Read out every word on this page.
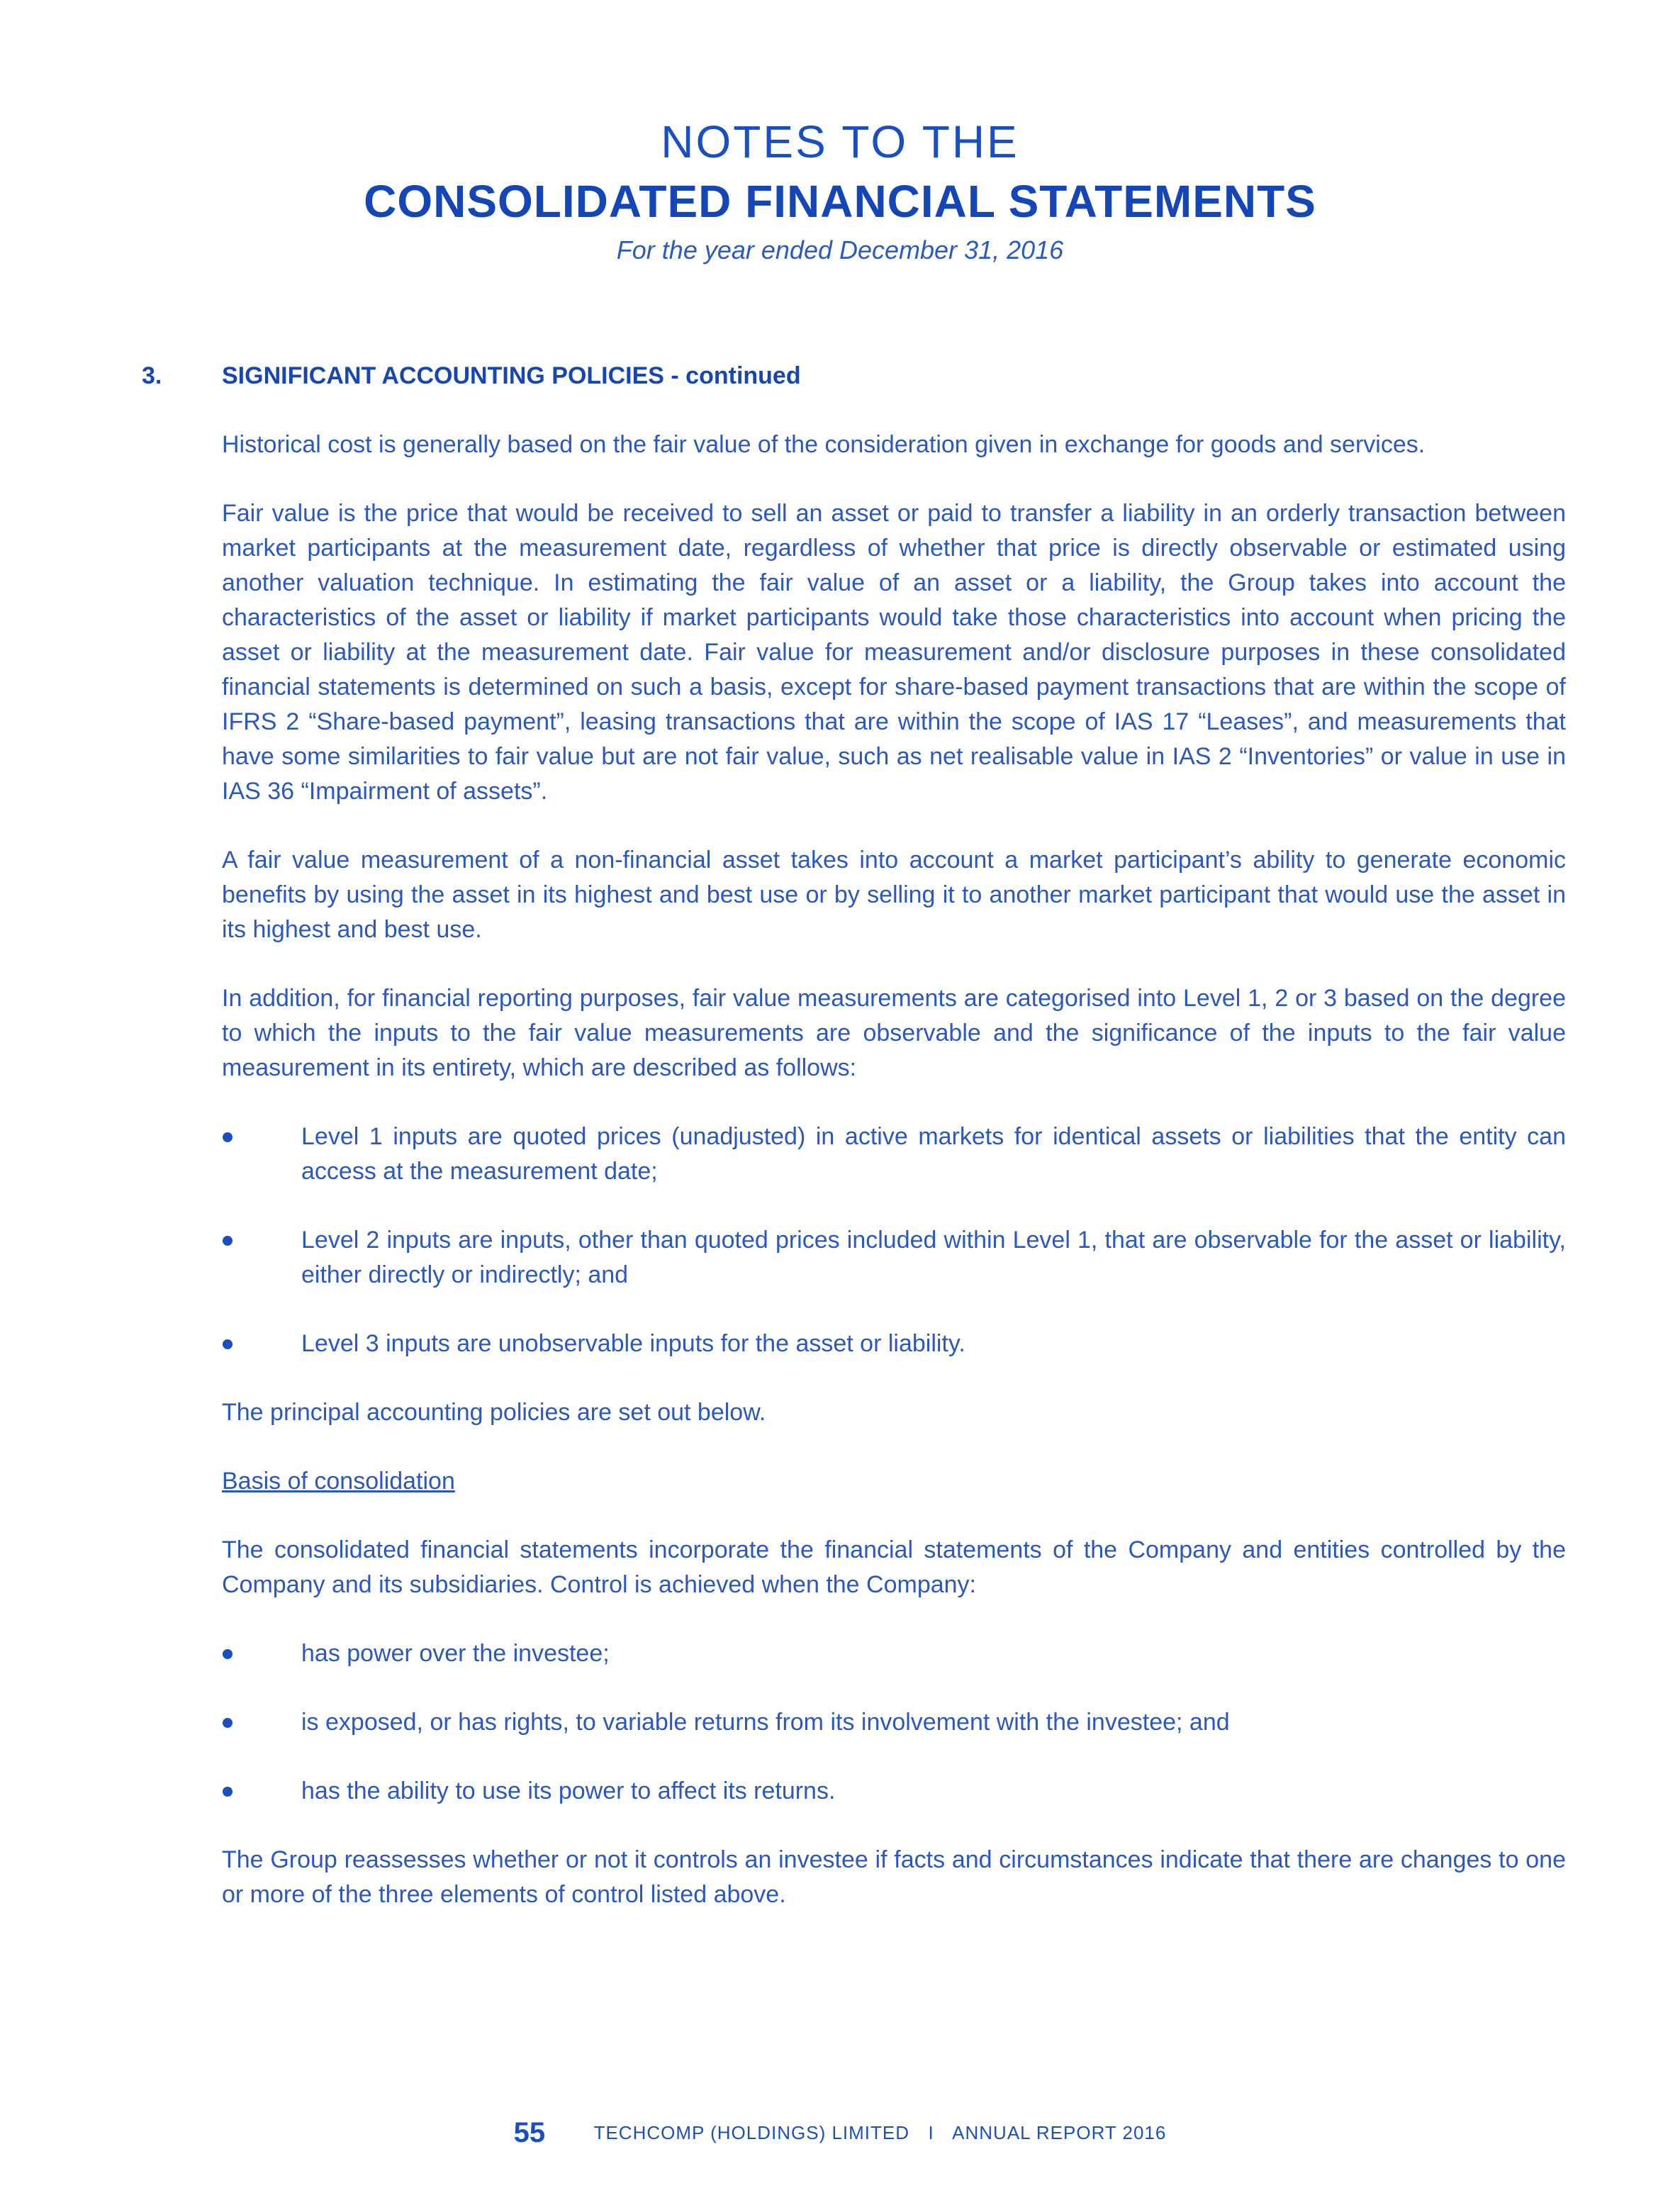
NOTES TO THE
CONSOLIDATED FINANCIAL STATEMENTS
For the year ended December 31, 2016
3.	SIGNIFICANT ACCOUNTING POLICIES - continued

Historical cost is generally based on the fair value of the consideration given in exchange for goods and services.

Fair value is the price that would be received to sell an asset or paid to transfer a liability in an orderly transaction between market participants at the measurement date, regardless of whether that price is directly observable or estimated using another valuation technique. In estimating the fair value of an asset or a liability, the Group takes into account the characteristics of the asset or liability if market participants would take those characteristics into account when pricing the asset or liability at the measurement date. Fair value for measurement and/or disclosure purposes in these consolidated financial statements is determined on such a basis, except for share-based payment transactions that are within the scope of IFRS 2 “Share-based payment”, leasing transactions that are within the scope of IAS 17 “Leases”, and measurements that have some similarities to fair value but are not fair value, such as net realisable value in IAS 2 “Inventories” or value in use in IAS 36 “Impairment of assets”.

A fair value measurement of a non-financial asset takes into account a market participant’s ability to generate economic benefits by using the asset in its highest and best use or by selling it to another market participant that would use the asset in its highest and best use.

In addition, for financial reporting purposes, fair value measurements are categorised into Level 1, 2 or 3 based on the degree to which the inputs to the fair value measurements are observable and the significance of the inputs to the fair value measurement in its entirety, which are described as follows:

Level 1 inputs are quoted prices (unadjusted) in active markets for identical assets or liabilities that the entity can access at the measurement date;
Level 2 inputs are inputs, other than quoted prices included within Level 1, that are observable for the asset or liability, either directly or indirectly; and
Level 3 inputs are unobservable inputs for the asset or liability.

The principal accounting policies are set out below.

Basis of consolidation

The consolidated financial statements incorporate the financial statements of the Company and entities controlled by the Company and its subsidiaries. Control is achieved when the Company:

has power over the investee;
is exposed, or has rights, to variable returns from its involvement with the investee; and
has the ability to use its power to affect its returns.

The Group reassesses whether or not it controls an investee if facts and circumstances indicate that there are changes to one or more of the three elements of control listed above.

55	TECHCOMP (HOLDINGS) LIMITED I ANNUAL REPORT 2016
